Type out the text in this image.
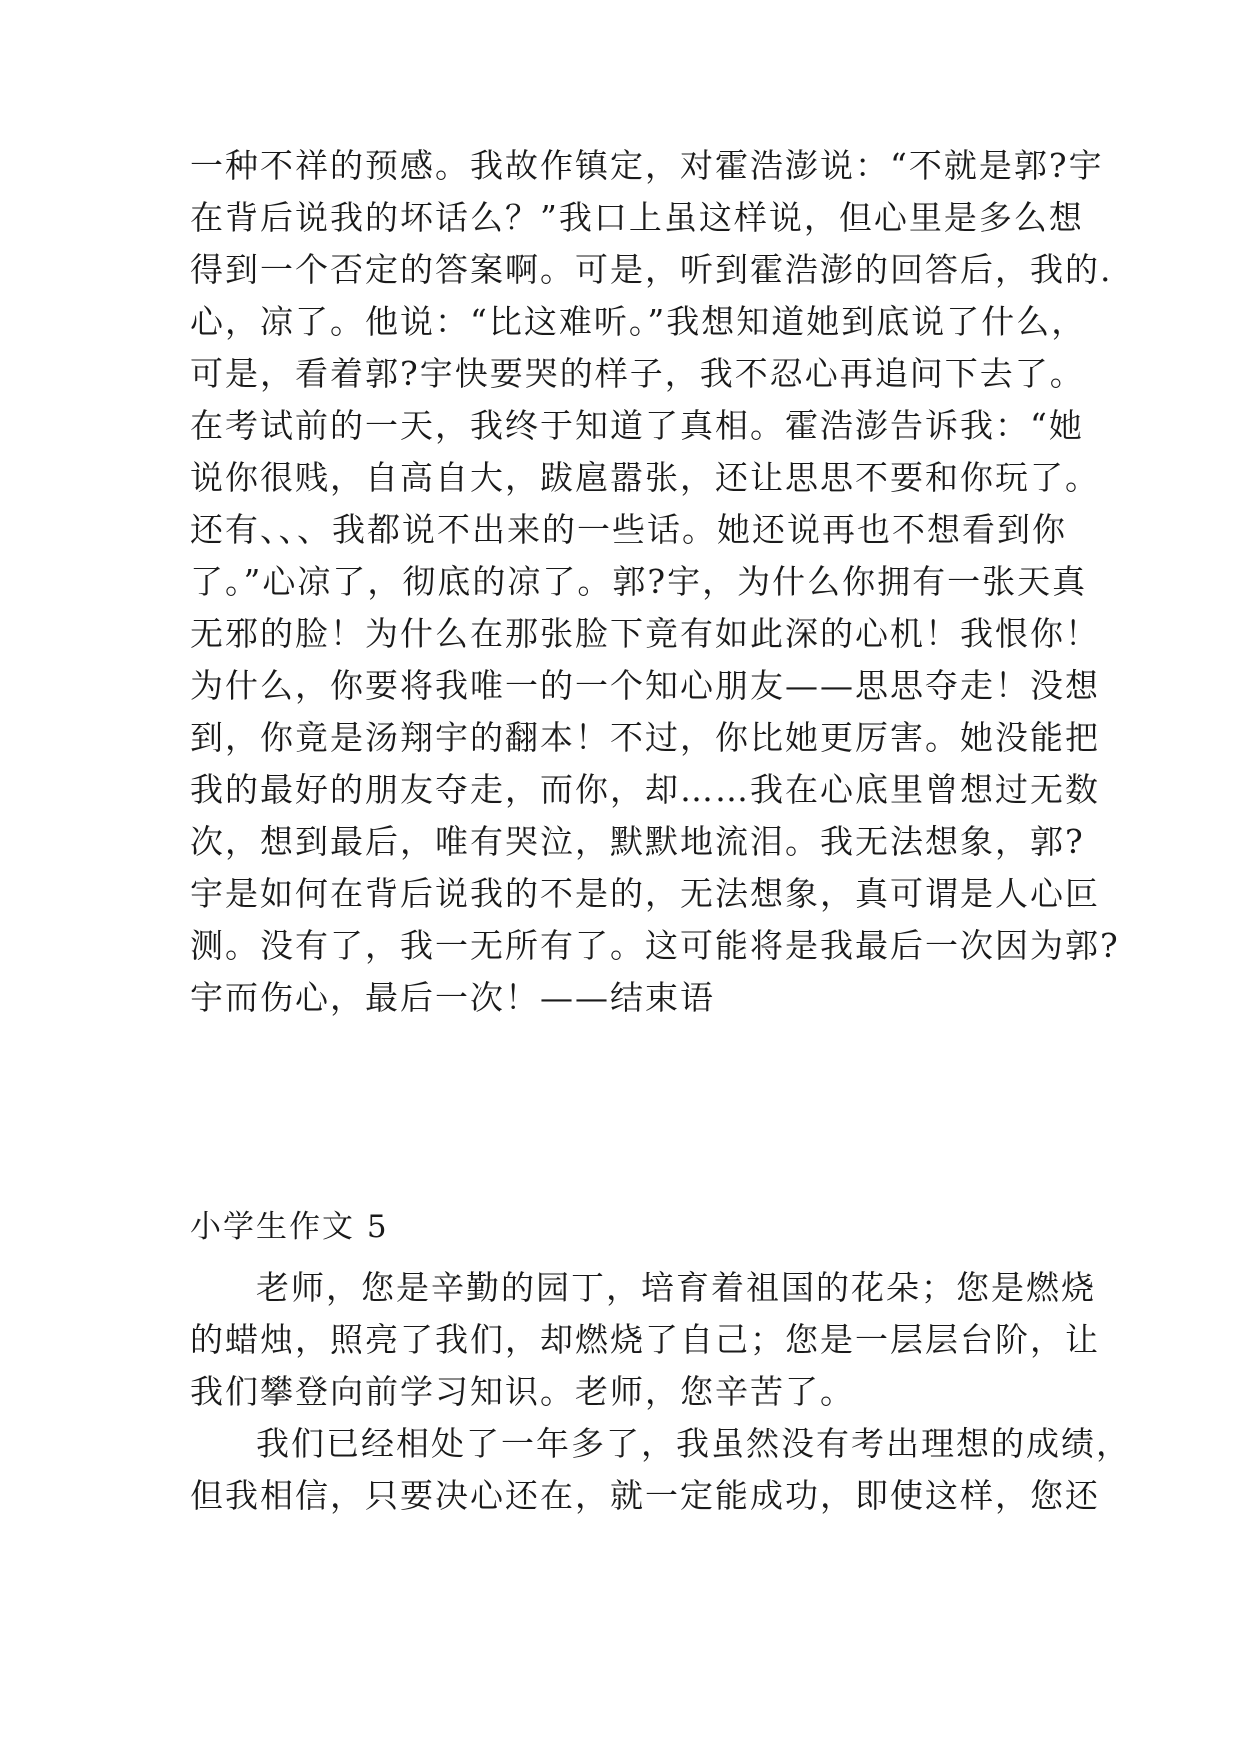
一种不祥的预感。我故作镇定，对霍浩澎说：“不就是郭?宇
在背后说我的坏话么？”我口上虽这样说，但心里是多么想
得到一个否定的答案啊。可是，听到霍浩澎的回答后，我的.
心，凉了。他说：“比这难听。”我想知道她到底说了什么，
可是，看着郭?宇快要哭的样子，我不忍心再追问下去了。
在考试前的一天，我终于知道了真相。霍浩澎告诉我：“她
说你很贱，自高自大，跋扈嚣张，还让思思不要和你玩了。
还有、、、我都说不出来的一些话。她还说再也不想看到你
了。”心凉了，彻底的凉了。郭?宇，为什么你拥有一张天真
无邪的脸！为什么在那张脸下竟有如此深的心机！我恨你！
为什么，你要将我唯一的一个知心朋友——思思夺走！没想
到，你竟是汤翔宇的翻本！不过，你比她更厉害。她没能把
我的最好的朋友夺走，而你，却……我在心底里曾想过无数
次，想到最后，唯有哭泣，默默地流泪。我无法想象，郭?
宇是如何在背后说我的不是的，无法想象，真可谓是人心叵
测。没有了，我一无所有了。这可能将是我最后一次因为郭?
宇而伤心，最后一次！——结束语
小学生作文 5
老师，您是辛勤的园丁，培育着祖国的花朵；您是燃烧
的蜡烛，照亮了我们，却燃烧了自己；您是一层层台阶，让
我们攀登向前学习知识。老师，您辛苦了。
我们已经相处了一年多了，我虽然没有考出理想的成绩，
但我相信，只要决心还在，就一定能成功，即使这样，您还
